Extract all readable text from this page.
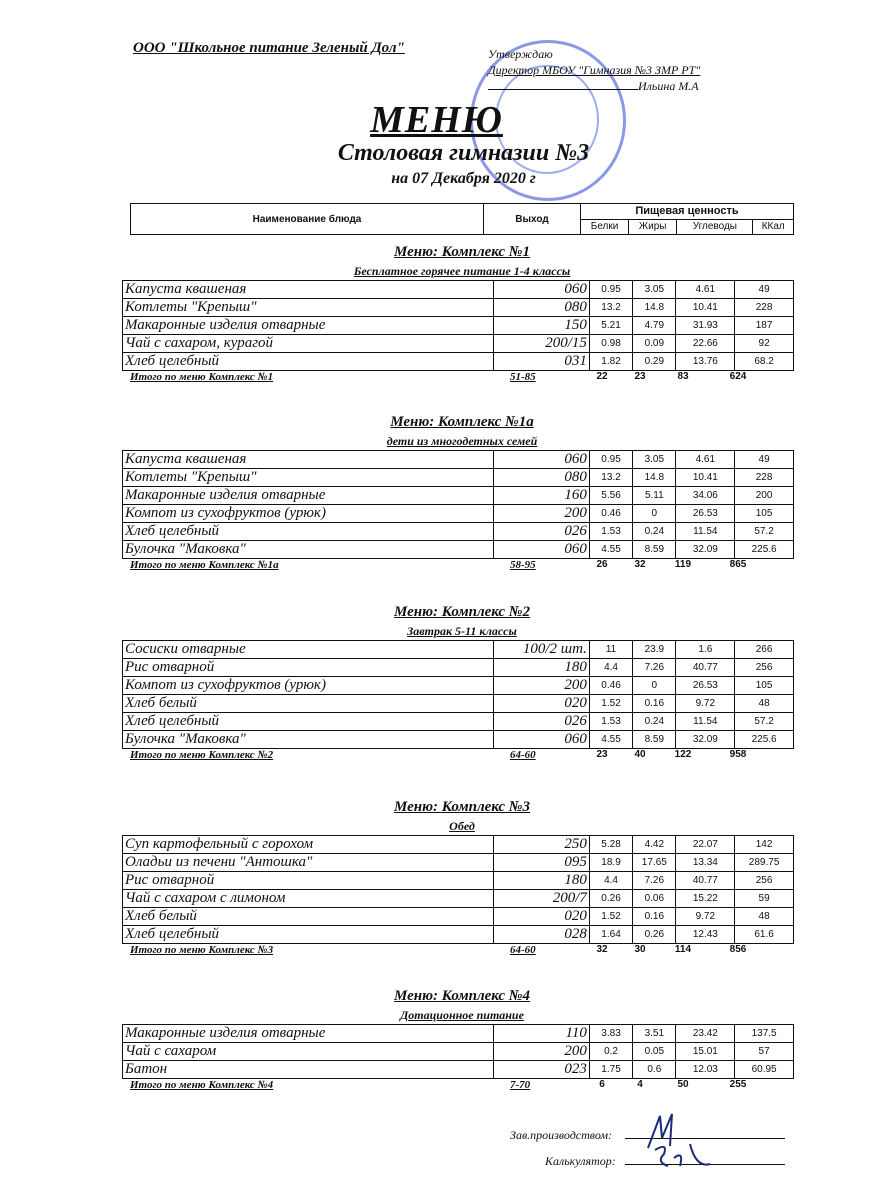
ООО "Школьное питание Зеленый Дол"	Утверждаю
Директор МБОУ "Гимназия №3 ЗМР РТ"
Ильина М.А
МЕНЮ
Столовая гимназии №3
на 07 Декабря 2020 г
Наименование блюда	Выход	Пищевая ценность			
		Белки	Жиры	Углеводы	ККал
Меню: Комплекс №1
Бесплатное горячее питание 1-4 классы
Капуста квашеная	060	0.95	3.05	4.61	49
Котлеты "Крепыш"	080	13.2	14.8	10.41	228
Макаронные изделия отварные	150	5.21	4.79	31.93	187
Чай с сахаром, курагой	200/15	0.98	0.09	22.66	92
Хлеб целебный	031	1.82	0.29	13.76	68.2
Итого по меню Комплекс №1	51-85	22	23	83	624
Меню: Комплекс №1а
дети из многодетных семей
Капуста квашеная	060	0.95	3.05	4.61	49
Котлеты "Крепыш"	080	13.2	14.8	10.41	228
Макаронные изделия отварные	160	5.56	5.11	34.06	200
Компот из сухофруктов (урюк)	200	0.46	0	26.53	105
Хлеб целебный	026	1.53	0.24	11.54	57.2
Булочка "Маковка"	060	4.55	8.59	32.09	225.6
Итого по меню Комплекс №1а	58-95	26	32	119	865
Меню: Комплекс №2
Завтрак 5-11 классы
Сосиски отварные	100/2 шт.	11	23.9	1.6	266
Рис отварной	180	4.4	7.26	40.77	256
Компот из сухофруктов (урюк)	200	0.46	0	26.53	105
Хлеб белый	020	1.52	0.16	9.72	48
Хлеб целебный	026	1.53	0.24	11.54	57.2
Булочка "Маковка"	060	4.55	8.59	32.09	225.6
Итого по меню Комплекс №2	64-60	23	40	122	958
Меню: Комплекс №3
Обед
Суп картофельный с горохом	250	5.28	4.42	22.07	142
Оладьи из печени "Антошка"	095	18.9	17.65	13.34	289.75
Рис отварной	180	4.4	7.26	40.77	256
Чай с сахаром с лимоном	200/7	0.26	0.06	15.22	59
Хлеб белый	020	1.52	0.16	9.72	48
Хлеб целебный	028	1.64	0.26	12.43	61.6
Итого по меню Комплекс №3	64-60	32	30	114	856
Меню: Комплекс №4
Дотационное питание
Макаронные изделия отварные	110	3.83	3.51	23.42	137.5
Чай с сахаром	200	0.2	0.05	15.01	57
Батон	023	1.75	0.6	12.03	60.95
Итого по меню Комплекс №4	7-70	6	4	50	255
Зав.производством:
Калькулятор:
